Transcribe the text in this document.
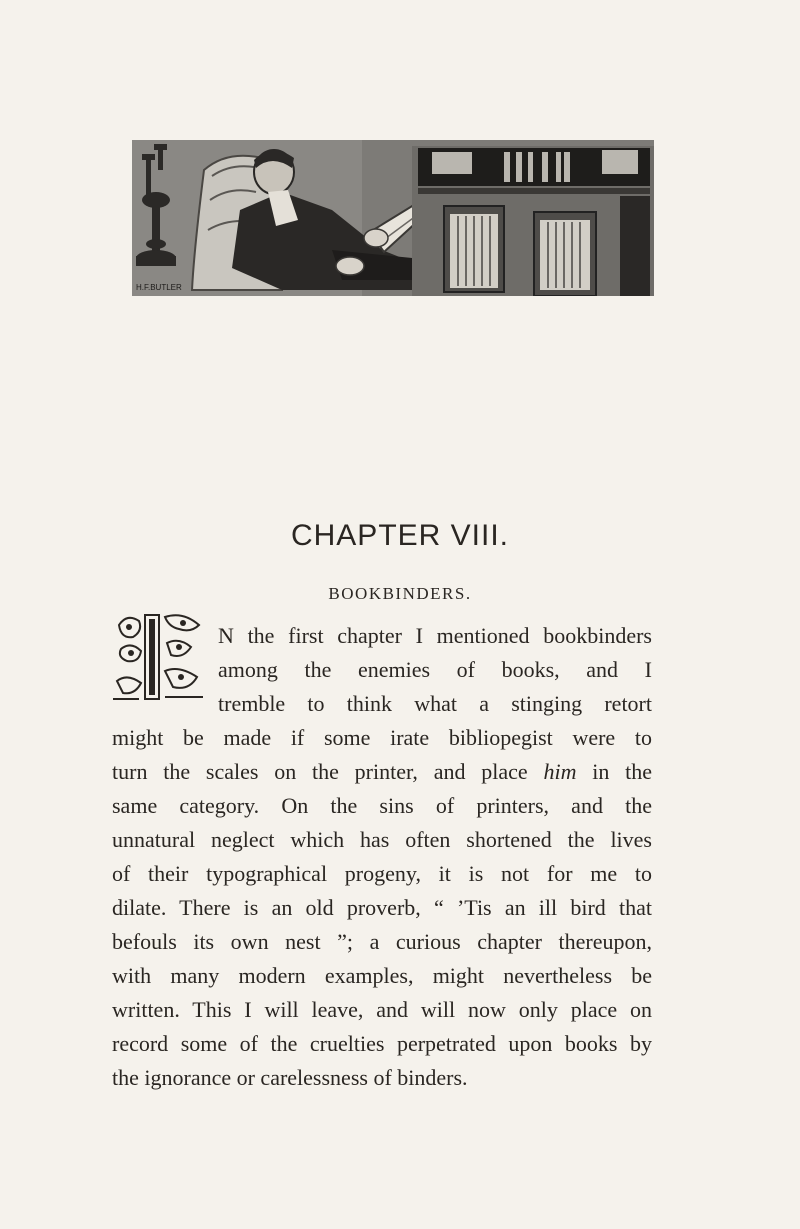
H.F.BUTLER
CHAPTER VIII.
BOOKBINDERS.
N the first chapter I mentioned bookbinders
among the enemies of books, and I
tremble to think what a stinging retort
might be made if some irate bibliopegist were to
turn the scales on the printer, and place him in the
same category. On the sins of printers, and the
unnatural neglect which has often shortened the lives
of their typographical progeny, it is not for me to
dilate. There is an old proverb, “ ’Tis an ill bird that
befouls its own nest ”; a curious chapter thereupon,
with many modern examples, might nevertheless be
written. This I will leave, and will now only place on
record some of the cruelties perpetrated upon books by
the ignorance or carelessness of binders.
